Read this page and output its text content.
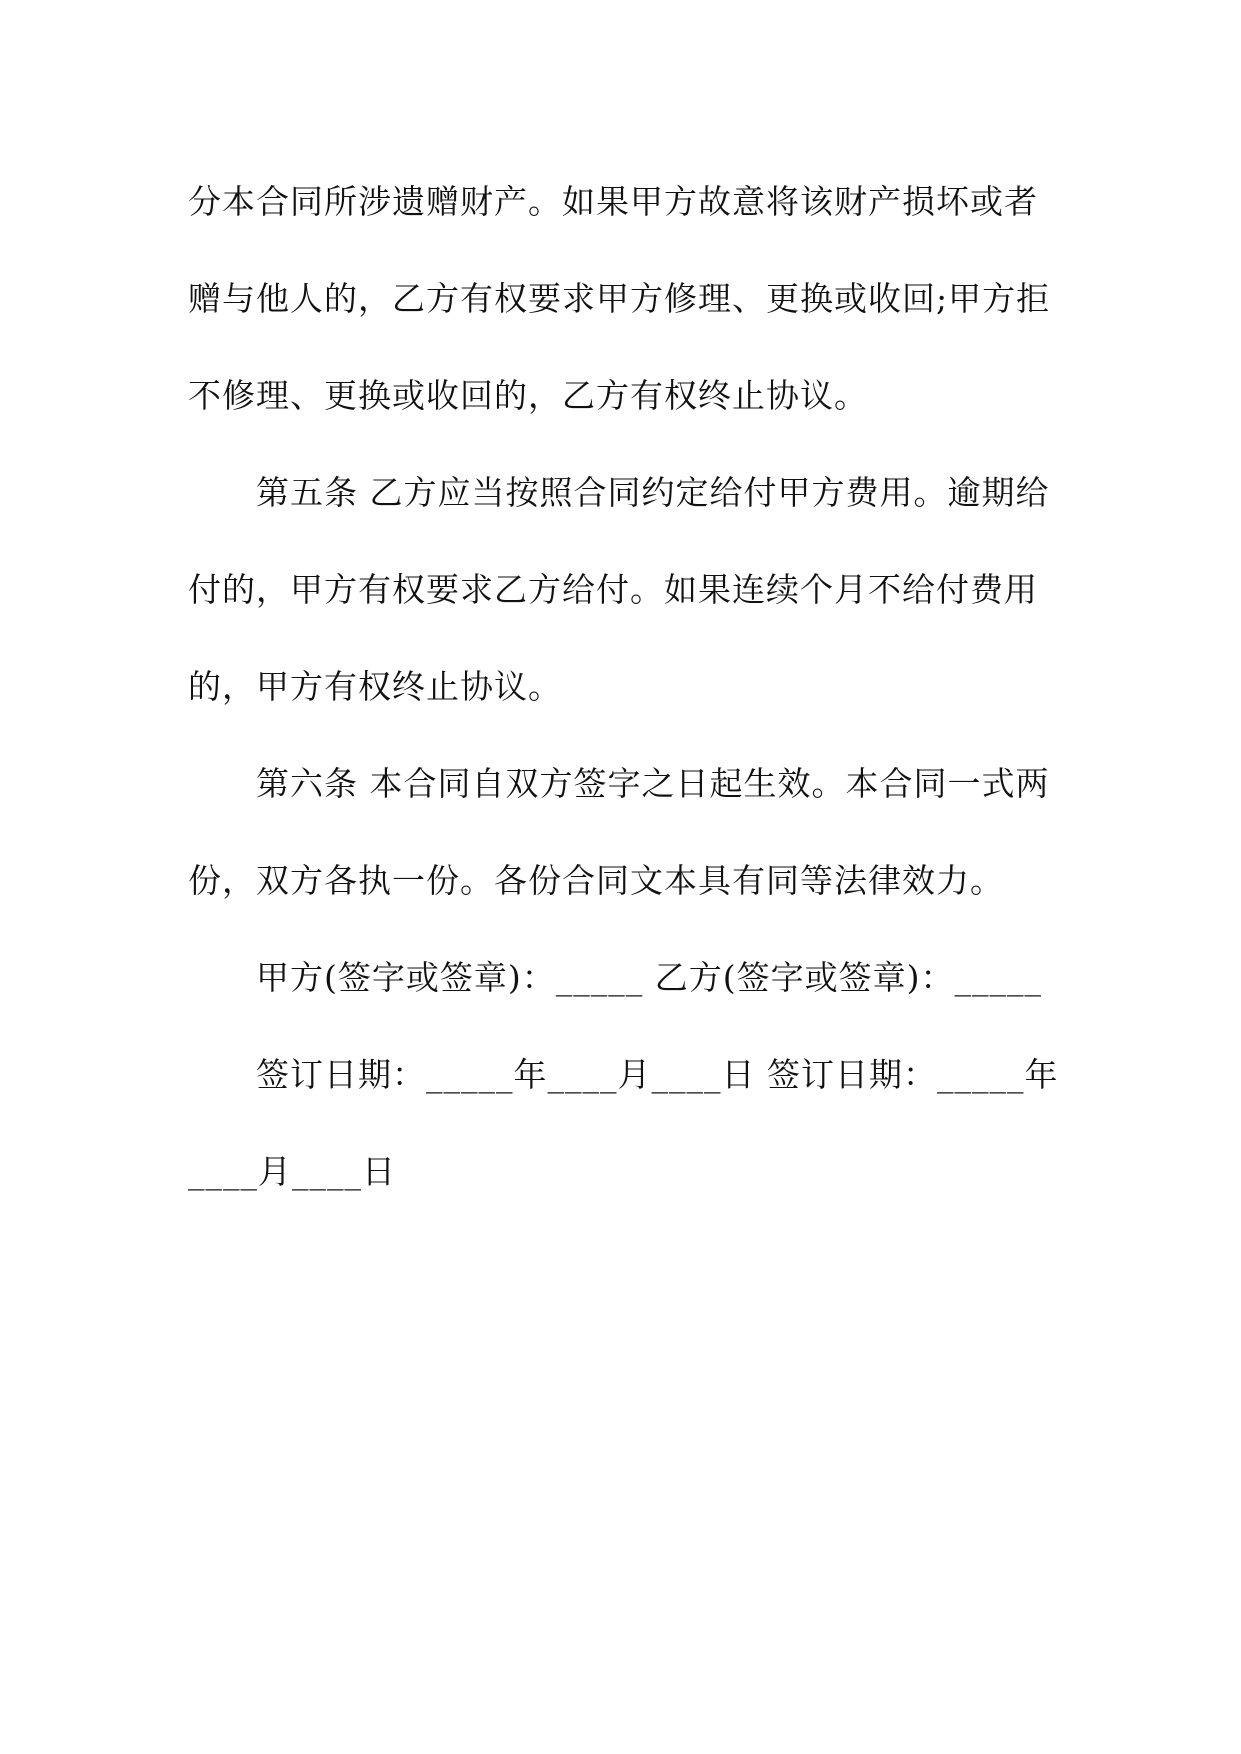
分本合同所涉遗赠财产。如果甲方故意将该财产损坏或者
赠与他人的，乙方有权要求甲方修理、更换或收回;甲方拒
不修理、更换或收回的，乙方有权终止协议。
第五条 乙方应当按照合同约定给付甲方费用。逾期给
付的，甲方有权要求乙方给付。如果连续个月不给付费用
的，甲方有权终止协议。
第六条 本合同自双方签字之日起生效。本合同一式两
份，双方各执一份。各份合同文本具有同等法律效力。
甲方(签字或签章)：_____ 乙方(签字或签章)：_____
签订日期：_____年____月____日 签订日期：_____年
____月____日
